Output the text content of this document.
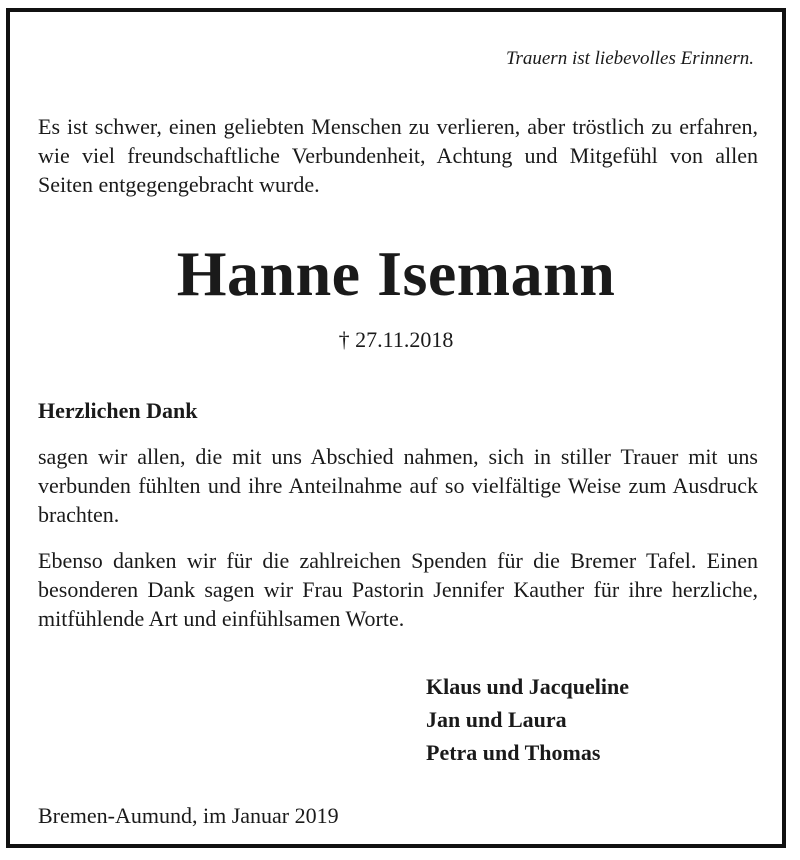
Trauern ist liebevolles Erinnern.

Es ist schwer, einen geliebten Menschen zu verlieren, aber tröstlich zu erfahren, wie viel freundschaftliche Verbundenheit, Achtung und Mitgefühl von allen Seiten entgegengebracht wurde.

Hanne Isemann
† 27.11.2018
Herzlichen Dank

sagen wir allen, die mit uns Abschied nahmen, sich in stiller Trauer mit uns verbunden fühlten und ihre Anteilnahme auf so vielfältige Weise zum Ausdruck brachten.

Ebenso danken wir für die zahlreichen Spenden für die Bremer Tafel. Einen besonderen Dank sagen wir Frau Pastorin Jennifer Kauther für ihre herzliche, mitfühlende Art und einfühlsamen Worte.

Klaus und Jacqueline
Jan und Laura
Petra und Thomas
Bremen-Aumund, im Januar 2019
